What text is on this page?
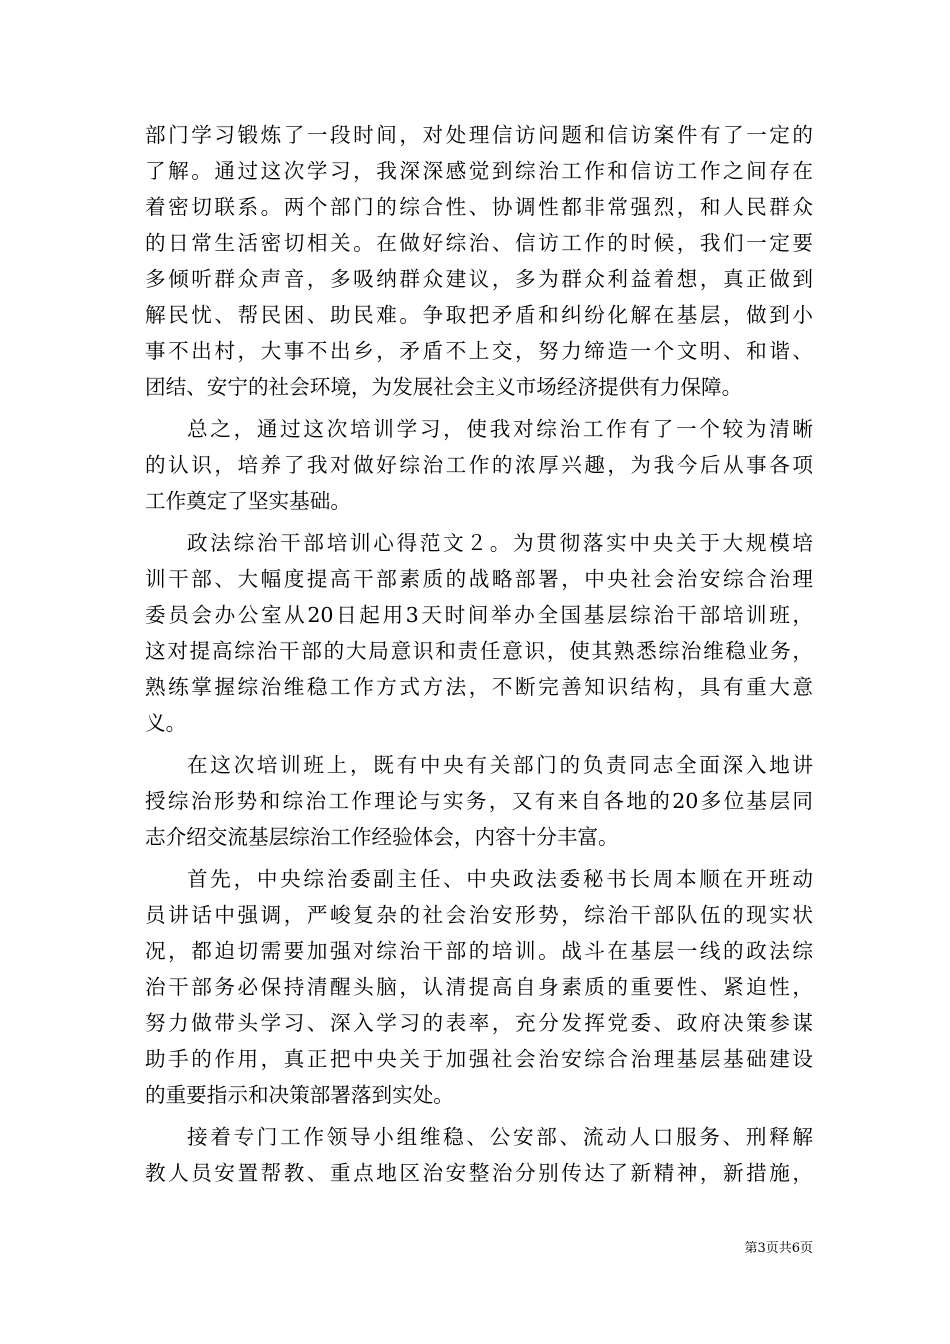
部门学习锻炼了一段时间，对处理信访问题和信访案件有了一定的
了解。通过这次学习，我深深感觉到综治工作和信访工作之间存在
着密切联系。两个部门的综合性、协调性都非常强烈，和人民群众
的日常生活密切相关。在做好综治、信访工作的时候，我们一定要
多倾听群众声音，多吸纳群众建议，多为群众利益着想，真正做到
解民忧、帮民困、助民难。争取把矛盾和纠纷化解在基层，做到小
事不出村，大事不出乡，矛盾不上交，努力缔造一个文明、和谐、
团结、安宁的社会环境，为发展社会主义市场经济提供有力保障。
总之，通过这次培训学习，使我对综治工作有了一个较为清晰
的认识，培养了我对做好综治工作的浓厚兴趣，为我今后从事各项
工作奠定了坚实基础。
政法综治干部培训心得范文２。为贯彻落实中央关于大规模培
训干部、大幅度提高干部素质的战略部署，中央社会治安综合治理
委员会办公室从20日起用3天时间举办全国基层综治干部培训班，
这对提高综治干部的大局意识和责任意识，使其熟悉综治维稳业务，
熟练掌握综治维稳工作方式方法，不断完善知识结构，具有重大意
义。
在这次培训班上，既有中央有关部门的负责同志全面深入地讲
授综治形势和综治工作理论与实务，又有来自各地的20多位基层同
志介绍交流基层综治工作经验体会，内容十分丰富。
首先，中央综治委副主任、中央政法委秘书长周本顺在开班动
员讲话中强调，严峻复杂的社会治安形势，综治干部队伍的现实状
况，都迫切需要加强对综治干部的培训。战斗在基层一线的政法综
治干部务必保持清醒头脑，认清提高自身素质的重要性、紧迫性，
努力做带头学习、深入学习的表率，充分发挥党委、政府决策参谋
助手的作用，真正把中央关于加强社会治安综合治理基层基础建设
的重要指示和决策部署落到实处。
接着专门工作领导小组维稳、公安部、流动人口服务、刑释解
教人员安置帮教、重点地区治安整治分别传达了新精神，新措施，
第3页共6页
